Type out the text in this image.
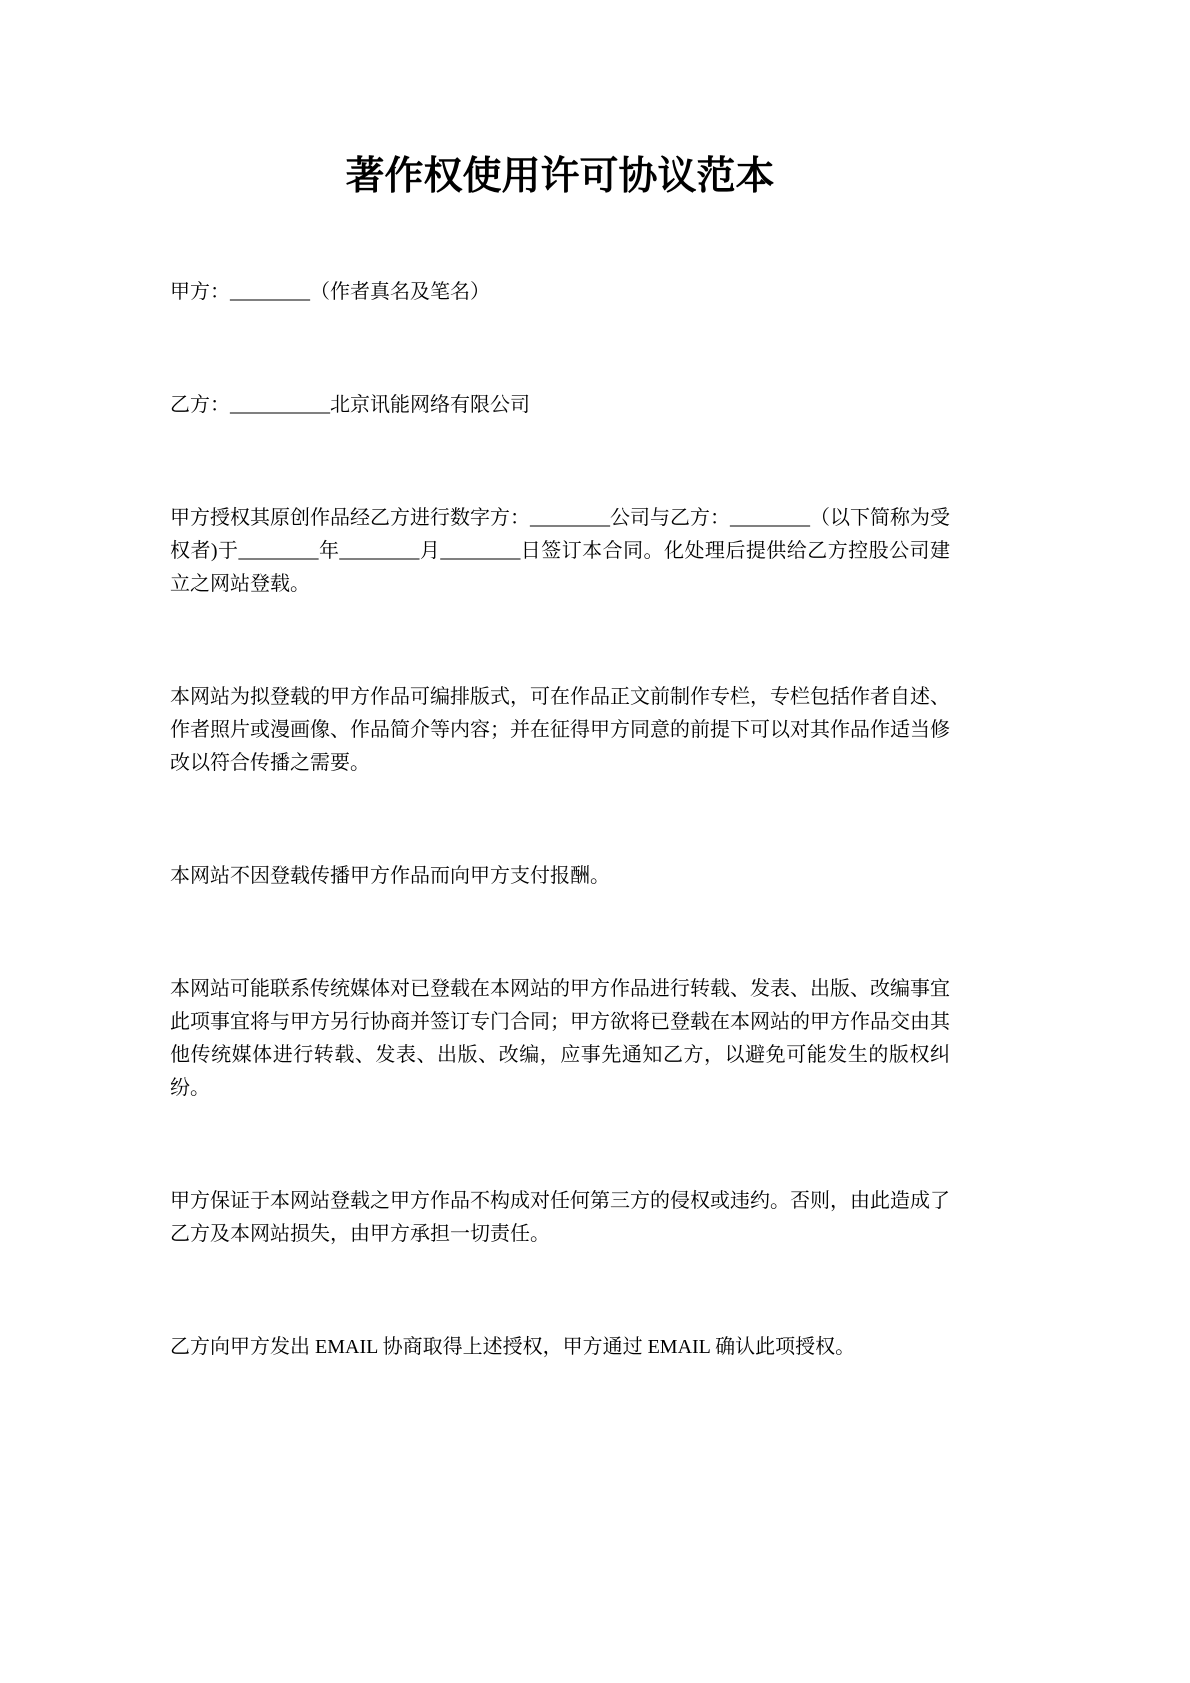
著作权使用许可协议范本

甲方：________（作者真名及笔名）

乙方：__________北京讯能网络有限公司

甲方授权其原创作品经乙方进行数字方：________公司与乙方：________（以下简称为受权者)于________年________月________日签订本合同。化处理后提供给乙方控股公司建立之网站登载。

本网站为拟登载的甲方作品可编排版式，可在作品正文前制作专栏，专栏包括作者自述、作者照片或漫画像、作品简介等内容；并在征得甲方同意的前提下可以对其作品作适当修改以符合传播之需要。

本网站不因登载传播甲方作品而向甲方支付报酬。

本网站可能联系传统媒体对已登载在本网站的甲方作品进行转载、发表、出版、改编事宜此项事宜将与甲方另行协商并签订专门合同；甲方欲将已登载在本网站的甲方作品交由其他传统媒体进行转载、发表、出版、改编，应事先通知乙方，以避免可能发生的版权纠纷。

甲方保证于本网站登载之甲方作品不构成对任何第三方的侵权或违约。否则，由此造成了乙方及本网站损失，由甲方承担一切责任。

乙方向甲方发出 EMAIL 协商取得上述授权，甲方通过 EMAIL 确认此项授权。
